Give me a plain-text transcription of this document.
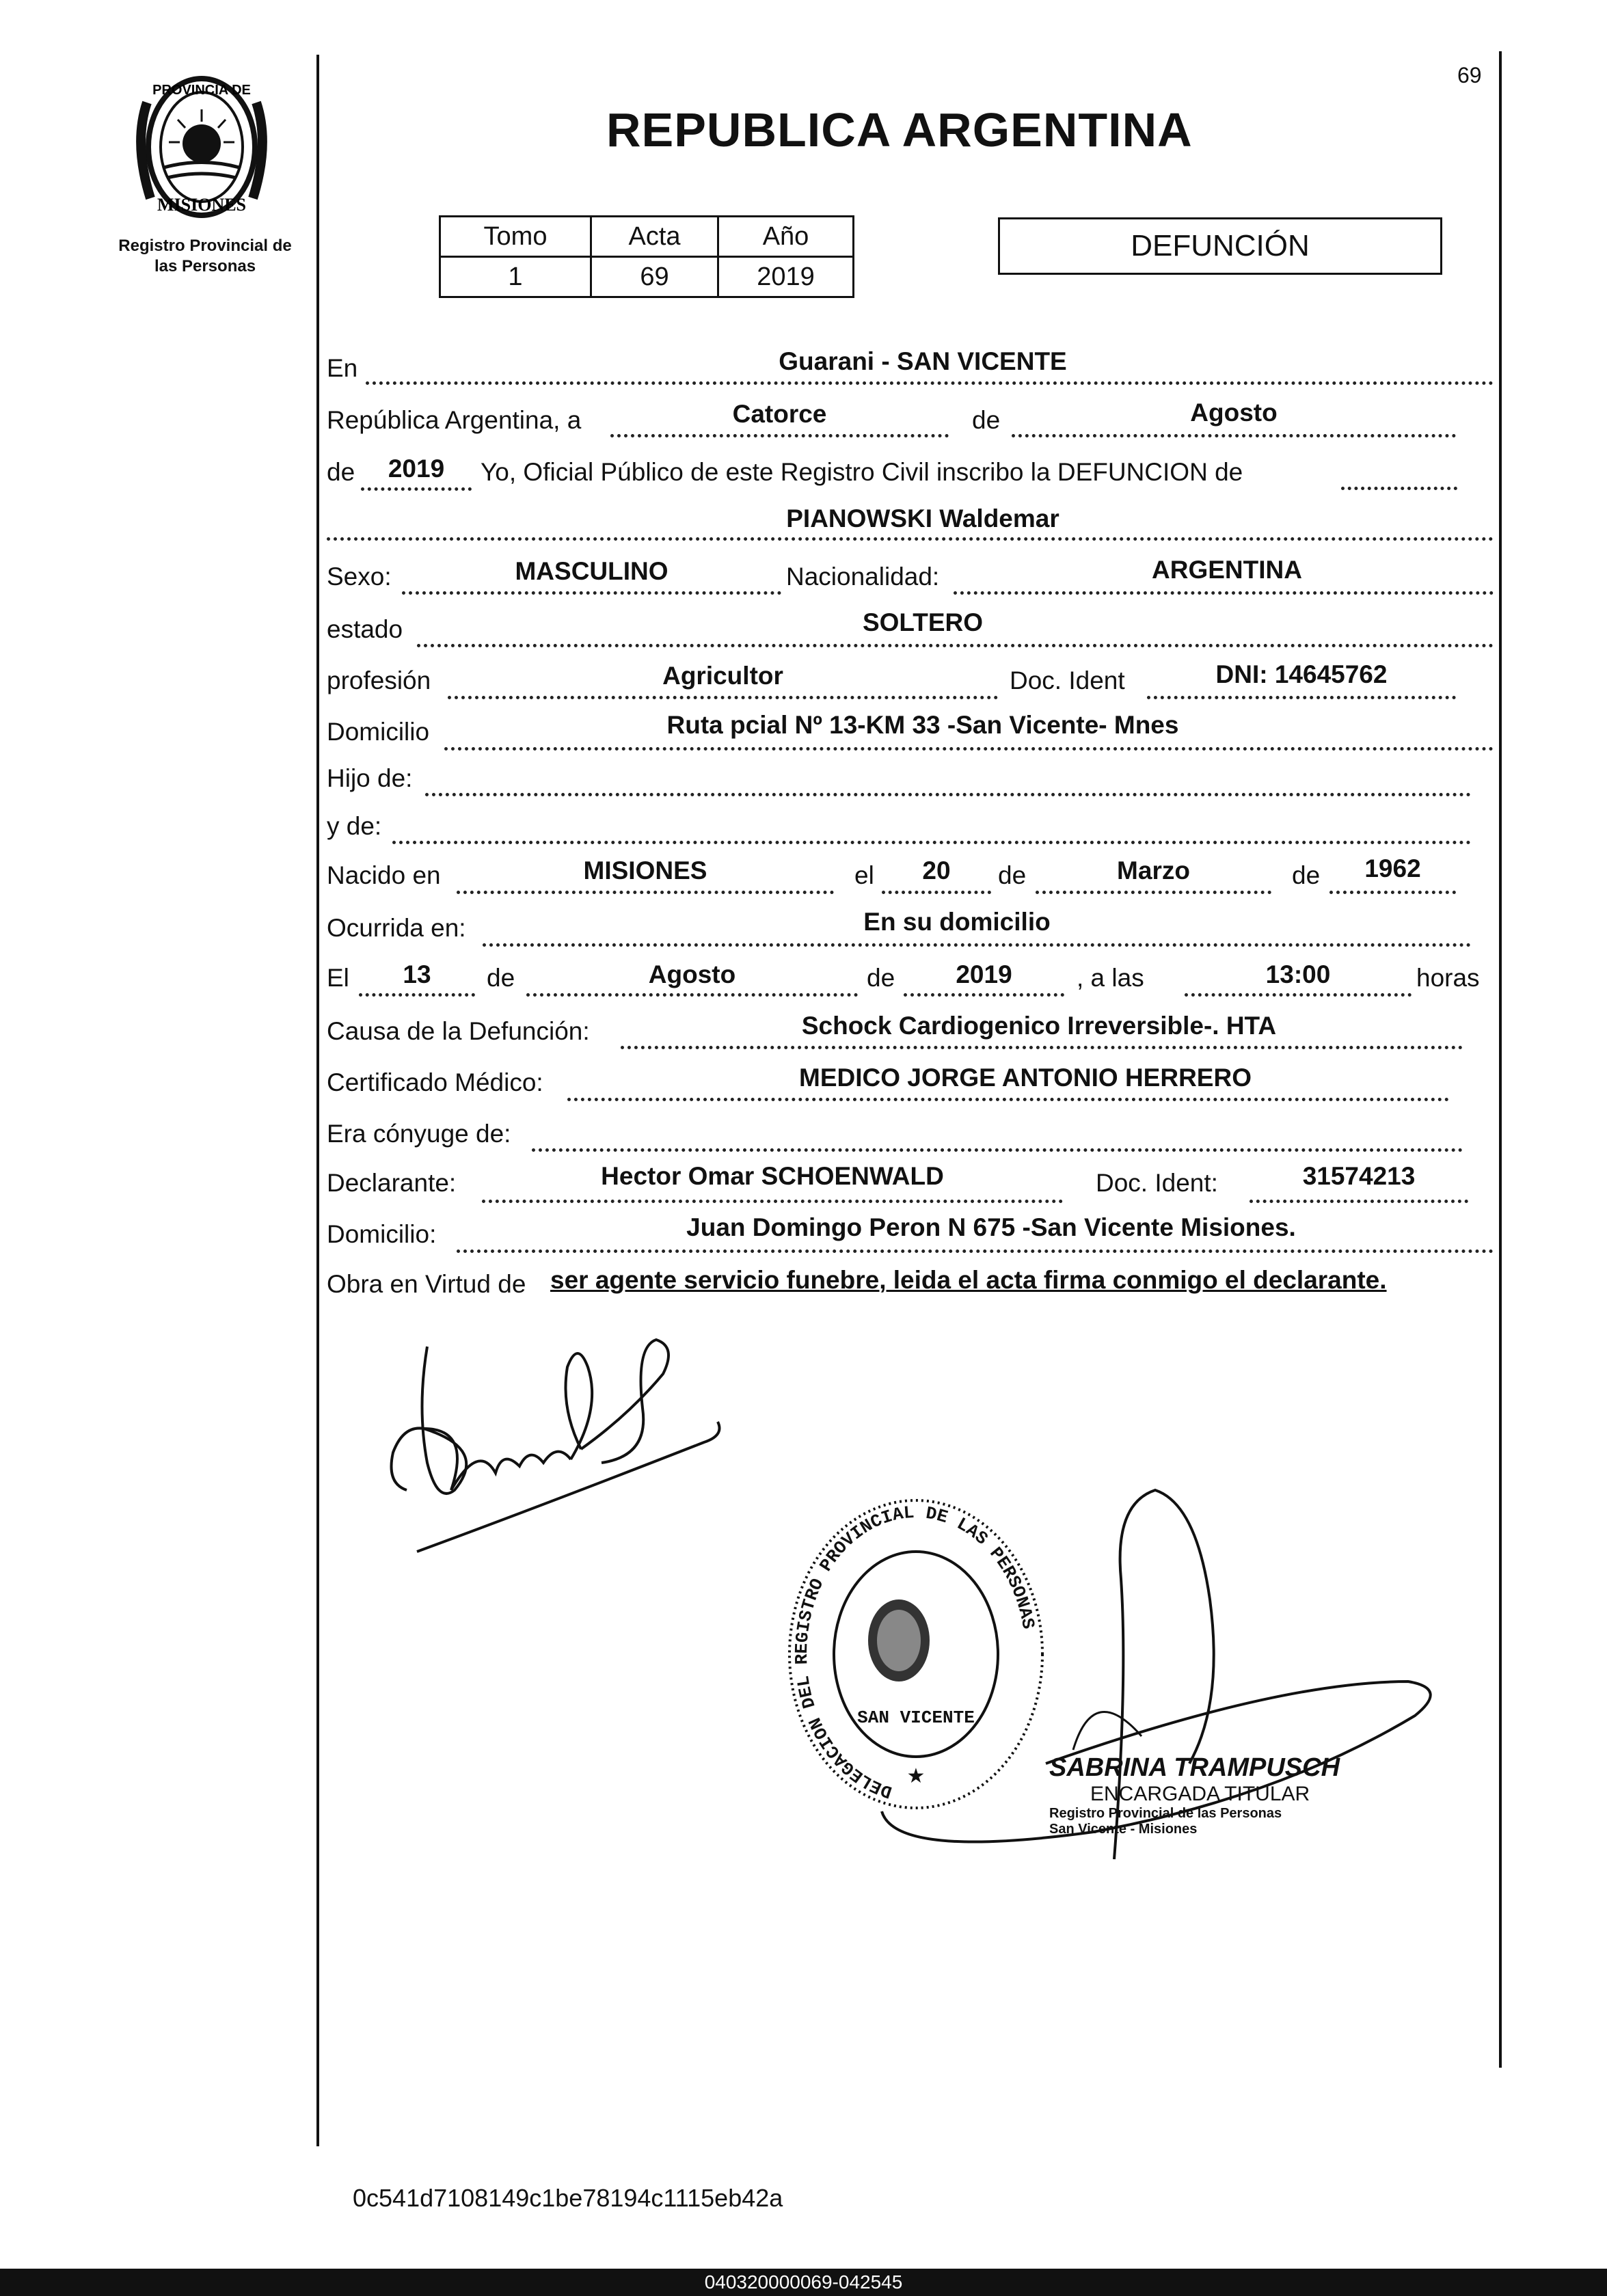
69
PROVINCIA DE
MISIONES
Registro Provincial de
las Personas
REPUBLICA ARGENTINA
Tomo	Acta	Año
1	69	2019
DEFUNCIÓN
En	Guarani - SAN VICENTE
República Argentina, a	Catorce	de	Agosto
de	2019	Yo, Oficial Público de este Registro Civil inscribo la DEFUNCION de
PIANOWSKI Waldemar
Sexo:	MASCULINO	Nacionalidad:	ARGENTINA
estado	SOLTERO
profesión	Agricultor	Doc. Ident	DNI: 14645762
Domicilio	Ruta pcial Nº 13-KM 33 -San Vicente- Mnes
Hijo de:
y de:
Nacido en	MISIONES	el	20	de	Marzo	de	1962
Ocurrida en:	En su domicilio
El	13	de	Agosto	de	2019	, a las	13:00	horas
Causa de la Defunción:	Schock Cardiogenico Irreversible-. HTA
Certificado Médico:	MEDICO JORGE ANTONIO HERRERO
Era cónyuge de:
Declarante:	Hector Omar SCHOENWALD	Doc. Ident:	31574213
Domicilio:	Juan Domingo Peron N 675 -San Vicente Misiones.
Obra en Virtud de ser agente servicio funebre, leida el acta firma conmigo el declarante.
DELEGACION DEL REGISTRO PROVINCIAL DE LAS PERSONAS
SAN VICENTE
★	SABRINA TRAMPUSCH
ENCARGADA TITULAR
Registro Provincial de las Personas
San Vicente - Misiones
0c541d7108149c1be78194c1115eb42a
040320000069-042545
